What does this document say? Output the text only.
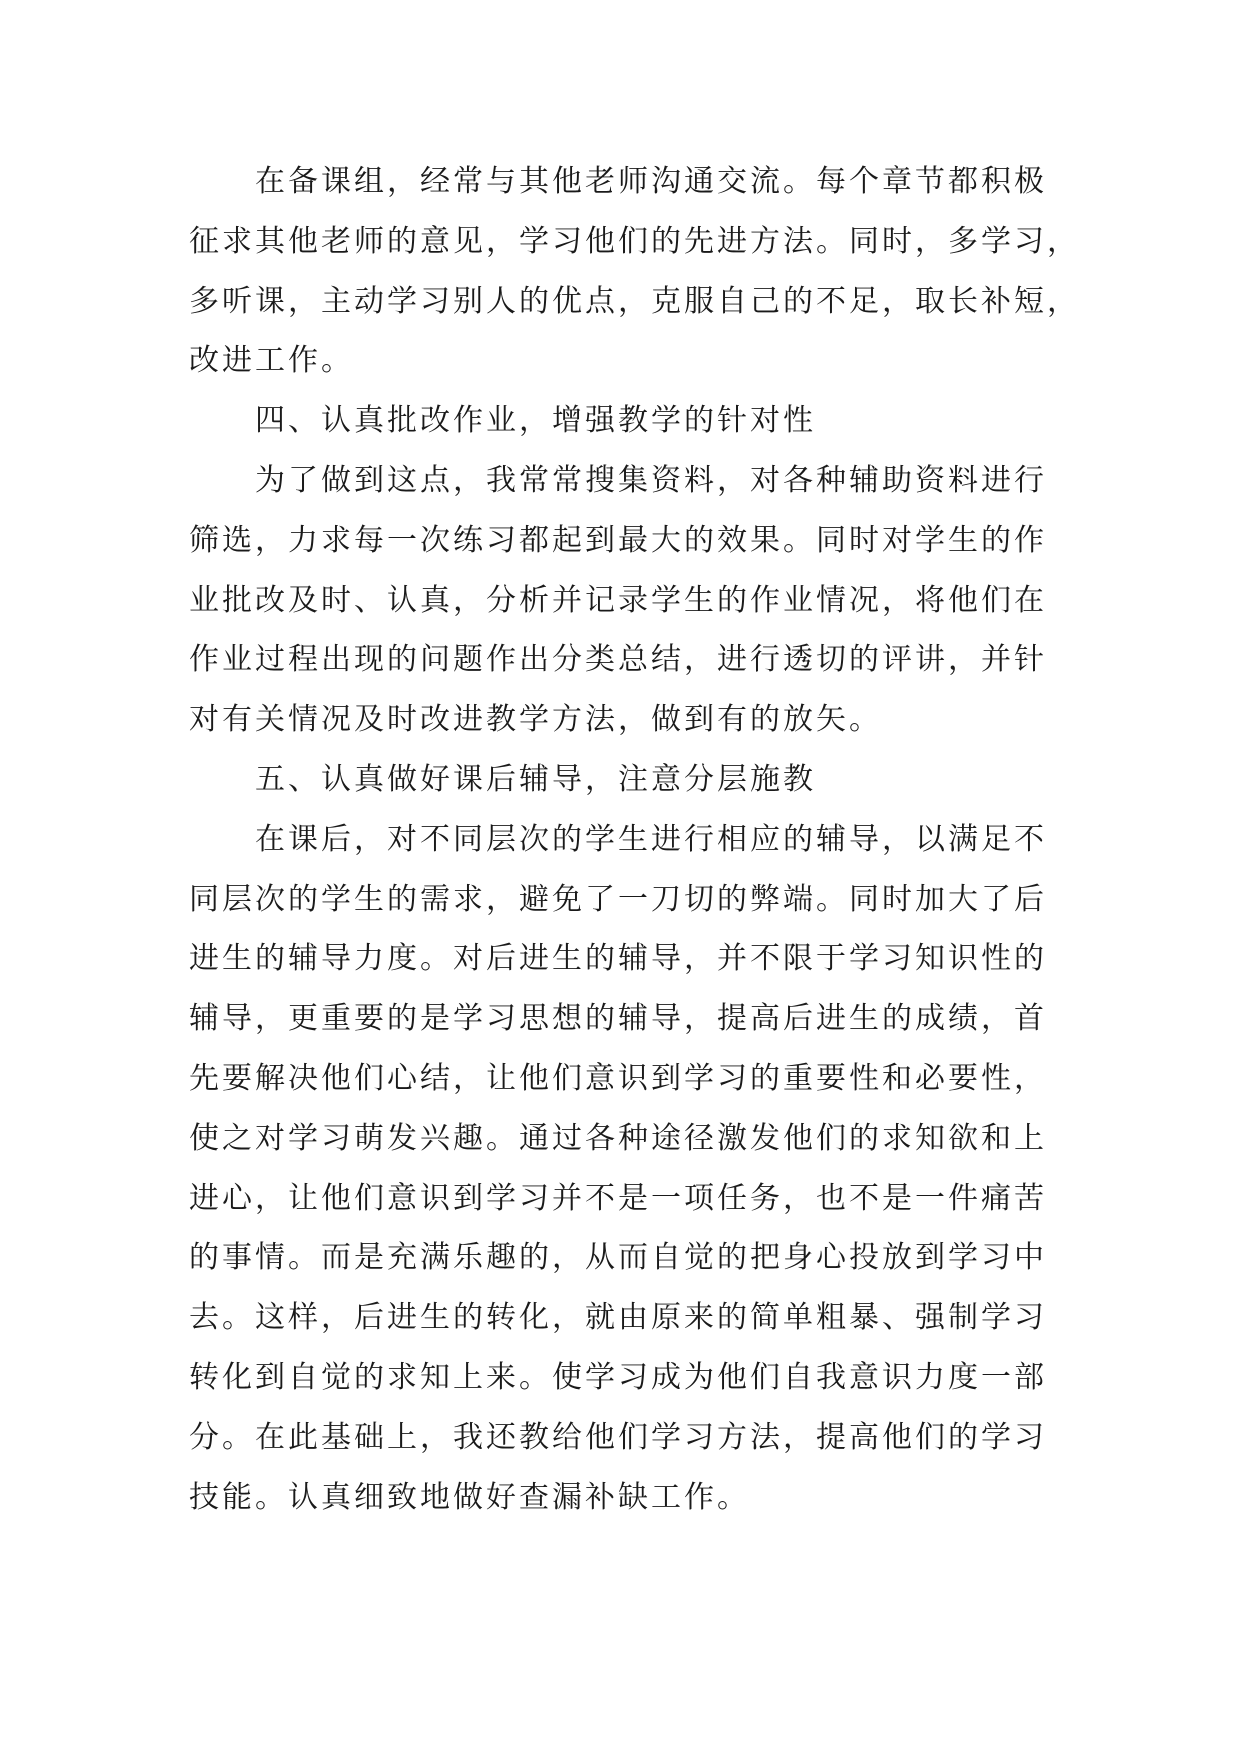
在备课组，经常与其他老师沟通交流。每个章节都积极
征求其他老师的意见，学习他们的先进方法。同时，多学习，
多听课，主动学习别人的优点，克服自己的不足，取长补短，
改进工作。
四、认真批改作业，增强教学的针对性
为了做到这点，我常常搜集资料，对各种辅助资料进行
筛选，力求每一次练习都起到最大的效果。同时对学生的作
业批改及时、认真，分析并记录学生的作业情况，将他们在
作业过程出现的问题作出分类总结，进行透切的评讲，并针
对有关情况及时改进教学方法，做到有的放矢。
五、认真做好课后辅导，注意分层施教
在课后，对不同层次的学生进行相应的辅导，以满足不
同层次的学生的需求，避免了一刀切的弊端。同时加大了后
进生的辅导力度。对后进生的辅导，并不限于学习知识性的
辅导，更重要的是学习思想的辅导，提高后进生的成绩，首
先要解决他们心结，让他们意识到学习的重要性和必要性，
使之对学习萌发兴趣。通过各种途径激发他们的求知欲和上
进心，让他们意识到学习并不是一项任务，也不是一件痛苦
的事情。而是充满乐趣的，从而自觉的把身心投放到学习中
去。这样，后进生的转化，就由原来的简单粗暴、强制学习
转化到自觉的求知上来。使学习成为他们自我意识力度一部
分。在此基础上，我还教给他们学习方法，提高他们的学习
技能。认真细致地做好查漏补缺工作。
